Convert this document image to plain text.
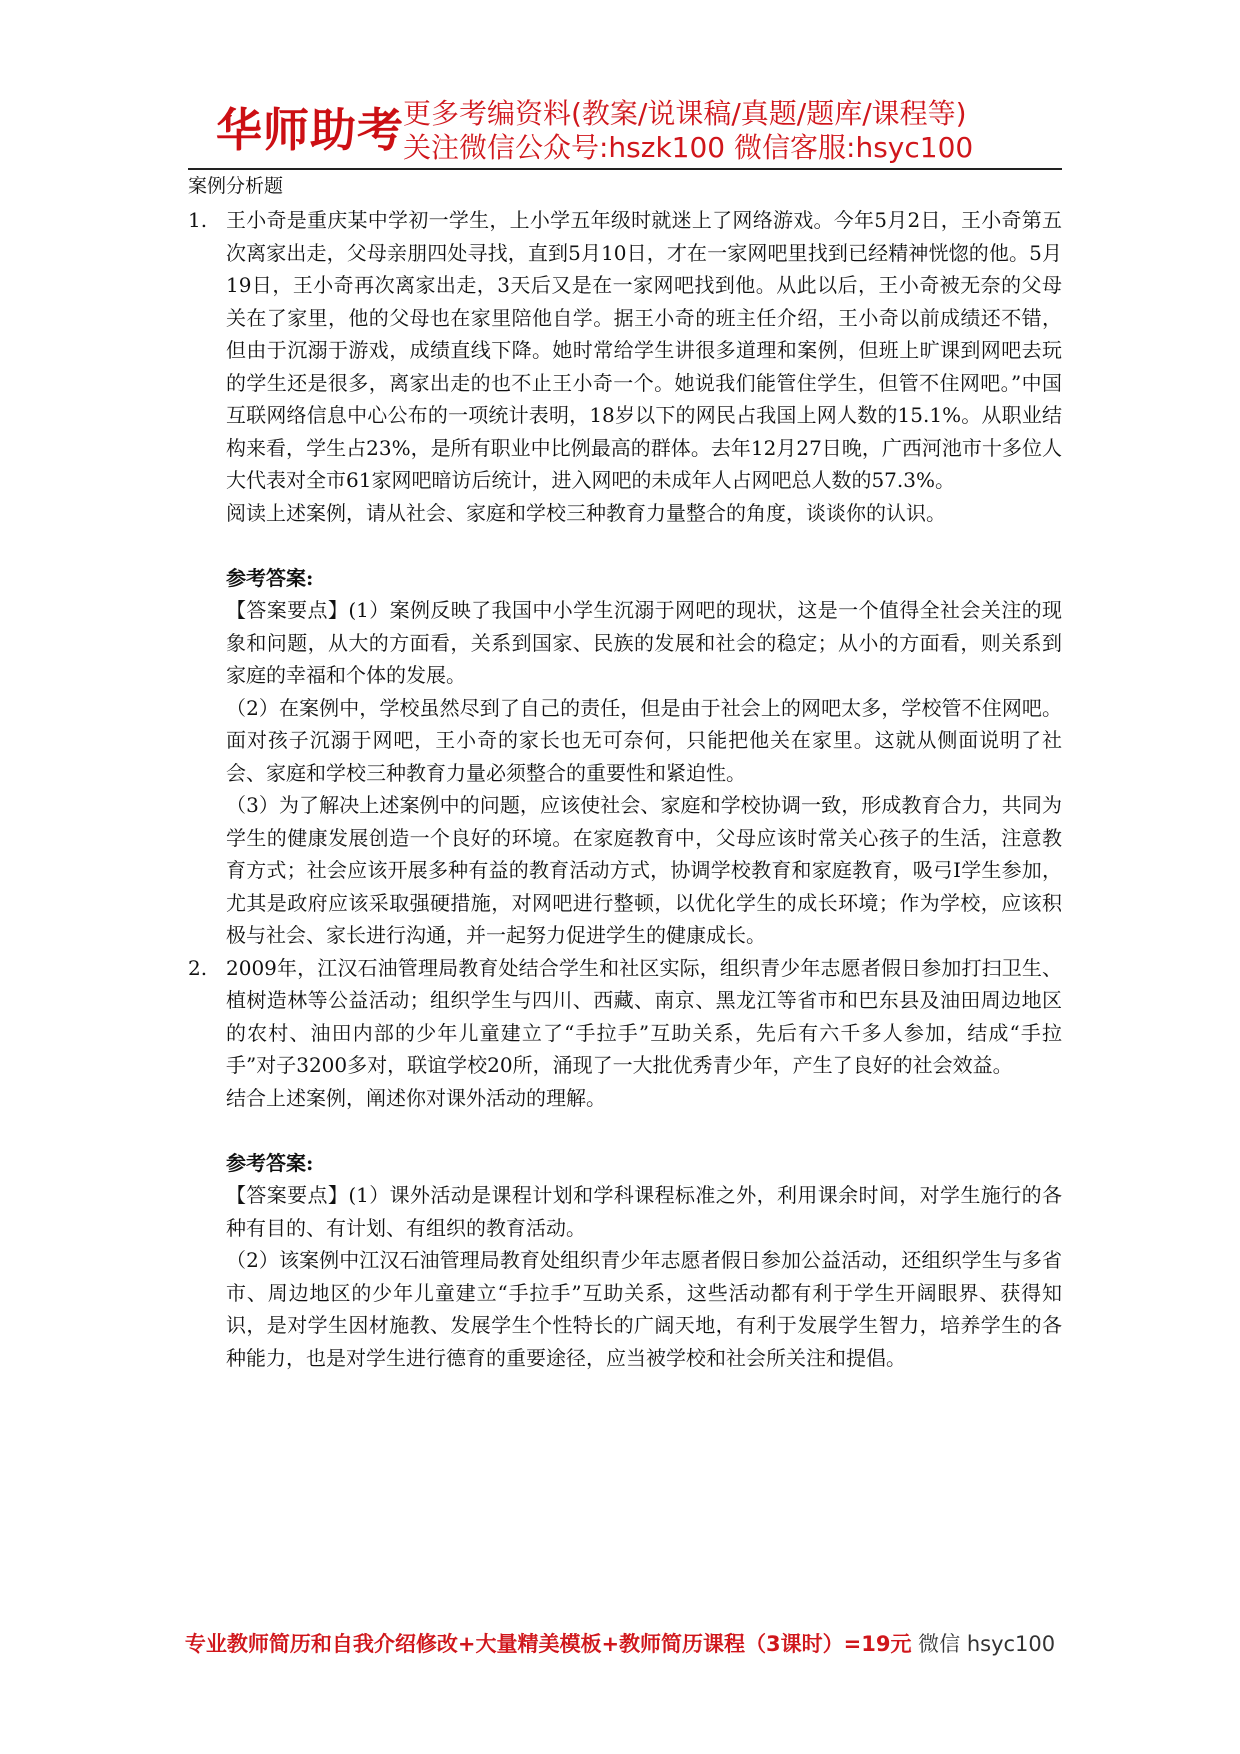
华师助考 更多考编资料(教案/说课稿/真题/题库/课程等)
关注微信公众号:hszk100 微信客服:hsyc100
案例分析题
1. 王小奇是重庆某中学初一学生，上小学五年级时就迷上了网络游戏。今年5月2日，王小奇第五次离家出走，父母亲朋四处寻找，直到5月10日，才在一家网吧里找到已经精神恍惚的他。5月19日，王小奇再次离家出走，3天后又是在一家网吧找到他。从此以后，王小奇被无奈的父母关在了家里，他的父母也在家里陪他自学。据王小奇的班主任介绍，王小奇以前成绩还不错，但由于沉溺于游戏，成绩直线下降。她时常给学生讲很多道理和案例，但班上旷课到网吧去玩的学生还是很多，离家出走的也不止王小奇一个。她说我们能管住学生，但管不住网吧。”中国互联网络信息中心公布的一项统计表明，18岁以下的网民占我国上网人数的15.1%。从职业结构来看，学生占23%，是所有职业中比例最高的群体。去年12月27日晚，广西河池市十多位人大代表对全市61家网吧暗访后统计，进入网吧的未成年人占网吧总人数的57.3%。

阅读上述案例，请从社会、家庭和学校三种教育力量整合的角度，谈谈你的认识。

参考答案:

【答案要点】(1）案例反映了我国中小学生沉溺于网吧的现状，这是一个值得全社会关注的现象和问题，从大的方面看，关系到国家、民族的发展和社会的稳定；从小的方面看，则关系到家庭的幸福和个体的发展。

（2）在案例中，学校虽然尽到了自己的责任，但是由于社会上的网吧太多，学校管不住网吧。面对孩子沉溺于网吧，王小奇的家长也无可奈何，只能把他关在家里。这就从侧面说明了社会、家庭和学校三种教育力量必须整合的重要性和紧迫性。

（3）为了解决上述案例中的问题，应该使社会、家庭和学校协调一致，形成教育合力，共同为学生的健康发展创造一个良好的环境。在家庭教育中，父母应该时常关心孩子的生活，注意教育方式；社会应该开展多种有益的教育活动方式，协调学校教育和家庭教育，吸弓I学生参加，尤其是政府应该采取强硬措施，对网吧进行整顿，以优化学生的成长环境；作为学校，应该积极与社会、家长进行沟通，并一起努力促进学生的健康成长。

2. 2009年，江汉石油管理局教育处结合学生和社区实际，组织青少年志愿者假日参加打扫卫生、植树造林等公益活动；组织学生与四川、西藏、南京、黑龙江等省市和巴东县及油田周边地区的农村、油田内部的少年儿童建立了“手拉手”互助关系，先后有六千多人参加，结成“手拉手”对子3200多对，联谊学校20所，涌现了一大批优秀青少年，产生了良好的社会效益。

结合上述案例，阐述你对课外活动的理解。

参考答案:

【答案要点】(1）课外活动是课程计划和学科课程标准之外，利用课余时间，对学生施行的各种有目的、有计划、有组织的教育活动。

（2）该案例中江汉石油管理局教育处组织青少年志愿者假日参加公益活动，还组织学生与多省市、周边地区的少年儿童建立“手拉手”互助关系，这些活动都有利于学生开阔眼界、获得知识，是对学生因材施教、发展学生个性特长的广阔天地，有利于发展学生智力，培养学生的各种能力，也是对学生进行德育的重要途径，应当被学校和社会所关注和提倡。

专业教师简历和自我介绍修改+大量精美模板+教师简历课程（3课时）=19元 微信 hsyc100
